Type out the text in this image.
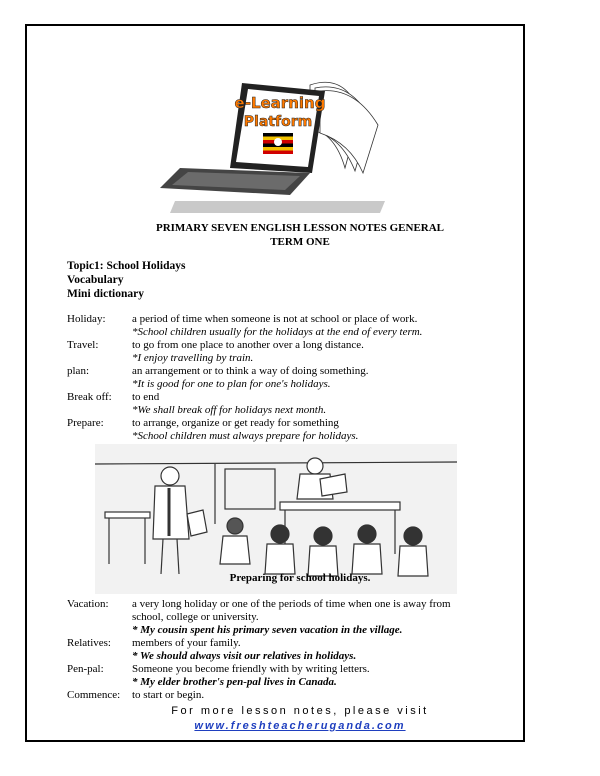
e-Learning
Platform
PRIMARY SEVEN ENGLISH LESSON NOTES GENERAL
TERM ONE
Topic1: School Holidays
Vocabulary
Mini dictionary
Holiday: a period of time when someone is not at school or place of work.
*School children usually for the holidays at the end of every term.
Travel:	to go from one place to another over a long distance.
*I enjoy travelling by train.
plan:	an arrangement or to think a way of doing something.
*It is good for one to plan for one's holidays.
Break off: to end
*We shall break off for holidays next month.
Prepare:	to arrange, organize or get ready for something
*School children must always prepare for holidays.
Preparing for school holidays.
Vacation: a very long holiday or one of the periods of time when one is away from
school, college or university.
* My cousin spent his primary seven vacation in the village.
Relatives: members of your family.
* We should always visit our relatives in holidays.
Pen-pal:	Someone you become friendly with by writing letters.
* My elder brother's pen-pal lives in Canada.
Commence: to start or begin.
For more lesson notes, please visit
www.freshteacheruganda.com
